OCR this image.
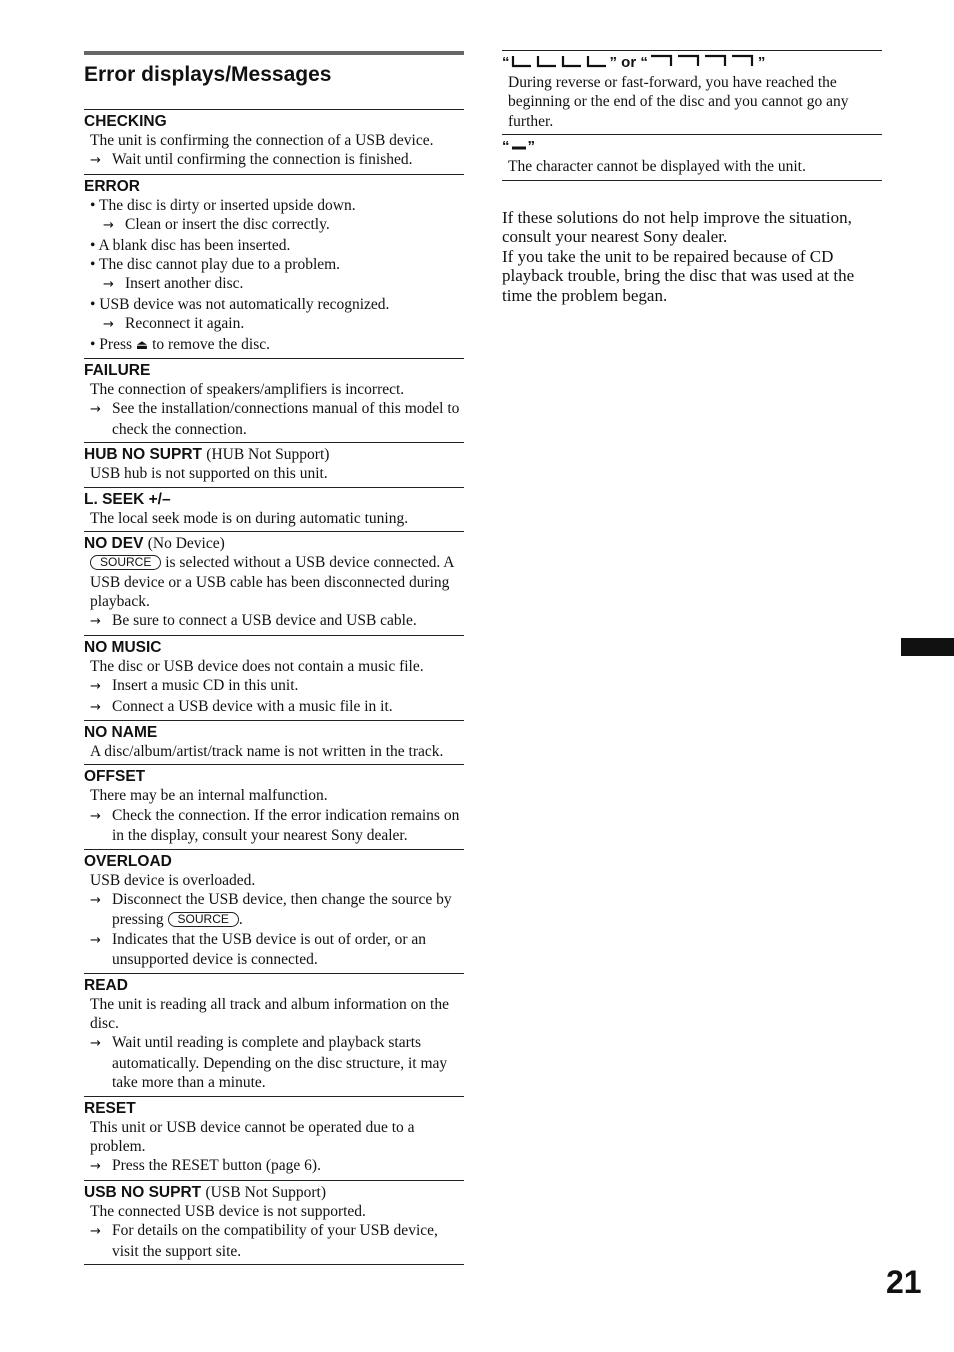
Error displays/Messages
CHECKING
The unit is confirming the connection of a USB device.
→ Wait until confirming the connection is finished.
ERROR
• The disc is dirty or inserted upside down.
→ Clean or insert the disc correctly.
• A blank disc has been inserted.
• The disc cannot play due to a problem.
→ Insert another disc.
• USB device was not automatically recognized.
→ Reconnect it again.
• Press ⏏ to remove the disc.
FAILURE
The connection of speakers/amplifiers is incorrect.
→ See the installation/connections manual of this model to check the connection.
HUB NO SUPRT (HUB Not Support)
USB hub is not supported on this unit.
L. SEEK +/–
The local seek mode is on during automatic tuning.
NO DEV (No Device)
SOURCE is selected without a USB device connected. A USB device or a USB cable has been disconnected during playback.
→ Be sure to connect a USB device and USB cable.
NO MUSIC
The disc or USB device does not contain a music file.
→ Insert a music CD in this unit.
→ Connect a USB device with a music file in it.
NO NAME
A disc/album/artist/track name is not written in the track.
OFFSET
There may be an internal malfunction.
→ Check the connection. If the error indication remains on in the display, consult your nearest Sony dealer.
OVERLOAD
USB device is overloaded.
→ Disconnect the USB device, then change the source by pressing SOURCE .
→ Indicates that the USB device is out of order, or an unsupported device is connected.
READ
The unit is reading all track and album information on the disc.
→ Wait until reading is complete and playback starts automatically. Depending on the disc structure, it may take more than a minute.
RESET
This unit or USB device cannot be operated due to a problem.
→ Press the RESET button (page 6).
USB NO SUPRT (USB Not Support)
The connected USB device is not supported.
→ For details on the compatibility of your USB device, visit the support site.
“	” or “	”
During reverse or fast-forward, you have reached the beginning or the end of the disc and you cannot go any further.
“ ”
The character cannot be displayed with the unit.
If these solutions do not help improve the situation, consult your nearest Sony dealer.
If you take the unit to be repaired because of CD playback trouble, bring the disc that was used at the time the problem began.
21
